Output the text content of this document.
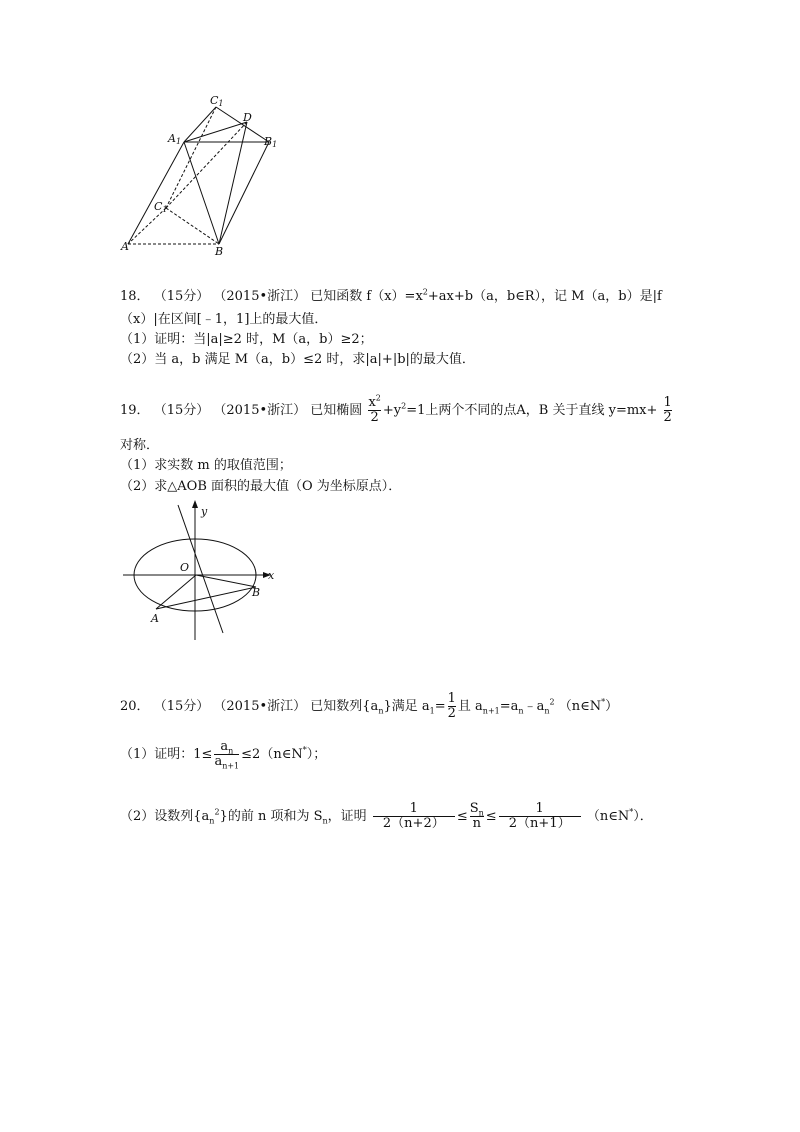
C1
D
A1	B1
C1
A	B
18． （15分） （2015•浙江） 已知函数 $f(x)=x^2+ax+b(a$，b∈R），记 M（a，b）是|f
（x）|在区间[﹣1，1]上的最大值．
（1）证明：当|a|≥2 时，M（a，b）≥2；
（2）当 a，b 满足 M（a，b）≤2 时，求|a|+|b|的最大值．
19． （15分） （2015•浙江） 已知椭圆 $\frac{x^2}{2} +y^2=1$上两个不同的点A，B 关于直线 $y=mx+ \frac{1}{2}$
对称．
（1）求实数 m 的取值范围；
（2）求△AOB 面积的最大值（O 为坐标原点）．
y
x
O
B
A
20． （15分） （2015•浙江） 已知数列$\{a_n\}$满足 $a_1= \frac{1}{2}$ 且 $a_{n+1}=a_n﹣a_n^2$ （n∈N*）
（1）证明：$1\le \frac{a_n}{a_{n+1}}$ ≤2（n∈N*）；
（2）设数列$\{a_n^2\}$的前 n 项和为 $S_n$，证明 $\frac{1}{2(n+2)} \le \frac{S_n}{n} \le \frac{1}{2(n+1)}$ （n∈N*）．
